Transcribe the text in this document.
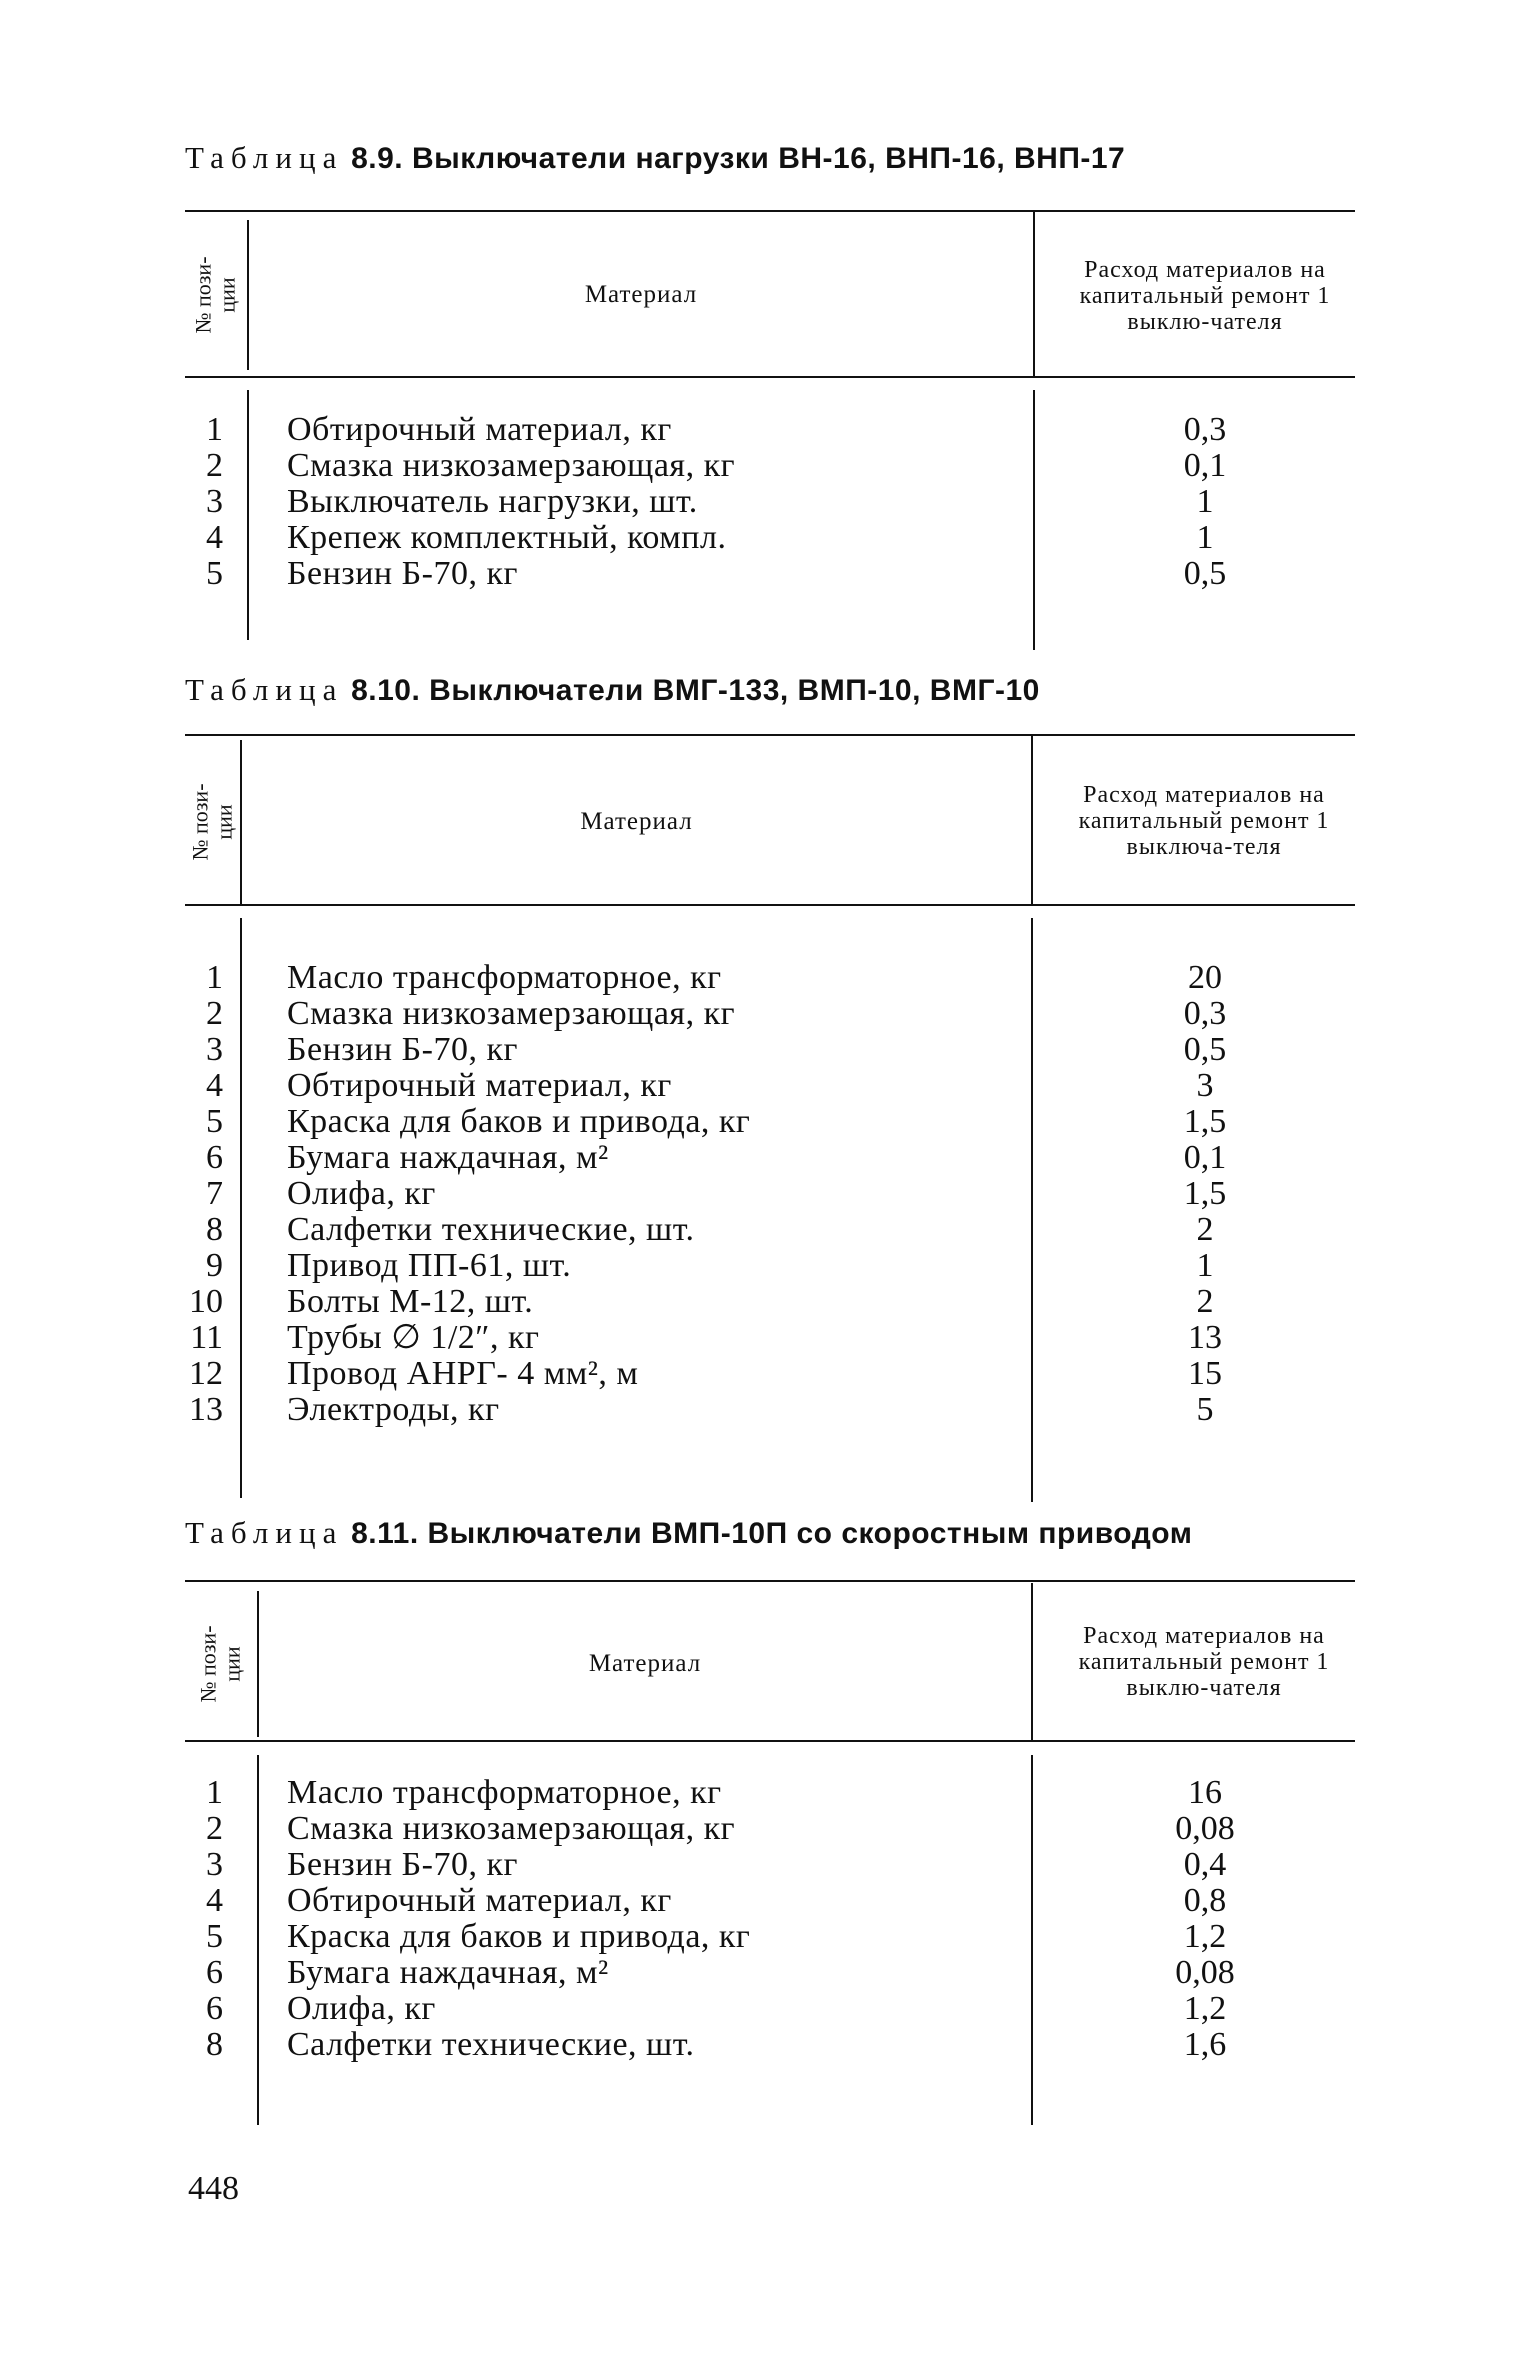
Таблица 8.9. Выключатели нагрузки ВН-16, ВНП-16, ВНП-17
№ пози-
ции	Материал
Расход материалов на капитальный ремонт 1 выклю-чателя
1 Обтирочный материал, кг	0,3
2 Смазка низкозамерзающая, кг	0,1
3 Выключатель нагрузки, шт.	1
4 Крепеж комплектный, компл.	1
5 Бензин Б-70, кг	0,5
Таблица 8.10. Выключатели ВМГ-133, ВМП-10, ВМГ-10
№ пози-
ции	Материал
Расход материалов на капитальный ремонт 1 выключа-теля
1 Масло трансформаторное, кг	20
2 Смазка низкозамерзающая, кг	0,3
3 Бензин Б-70, кг	0,5
4 Обтирочный материал, кг	3
5 Краска для баков и привода, кг	1,5
6 Бумага наждачная, м²	0,1
7 Олифа, кг	1,5
8 Салфетки технические, шт.	2
9 Привод ПП-61, шт.	1
10 Болты М-12, шт.	2
11 Трубы ∅ 1/2″, кг	13
12 Провод АНРГ- 4 мм², м	15
13 Электроды, кг	5
Таблица 8.11. Выключатели ВМП-10П со скоростным приводом
№ пози-
ции	Материал
Расход материалов на капитальный ремонт 1 выклю-чателя
1 Масло трансформаторное, кг	16
2 Смазка низкозамерзающая, кг	0,08
3 Бензин Б-70, кг	0,4
4 Обтирочный материал, кг	0,8
5 Краска для баков и привода, кг	1,2
6 Бумага наждачная, м²	0,08
6 Олифа, кг	1,2
8 Салфетки технические, шт.	1,6
448
